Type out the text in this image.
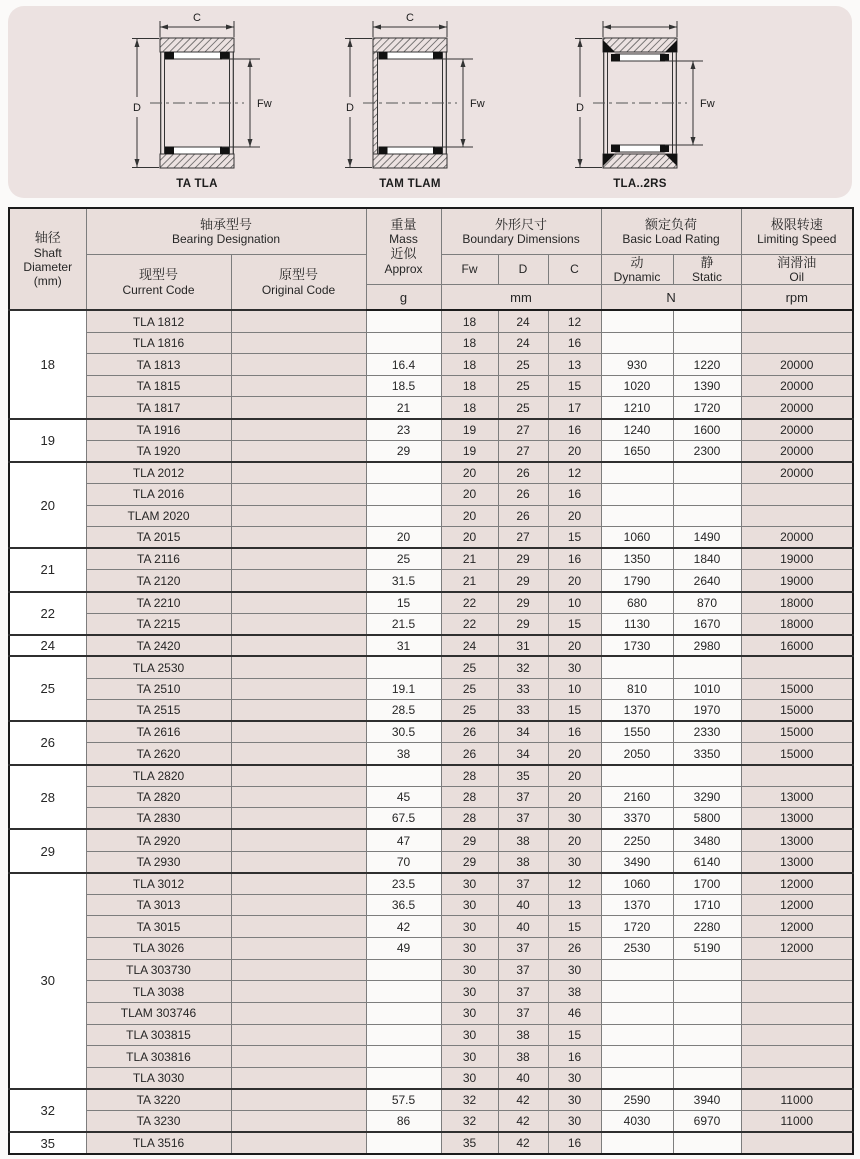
C
D	Fw
TA TLA
C
D	Fw
TAM TLAM
D	Fw
TLA..2RS
轴径
Shaft
Diameter
(mm)	轴承型号
Bearing Designation		重量
Mass
近似
Approx	外形尺寸
Boundary Dimensions			额定负荷
Basic Load Rating		极限转速
Limiting Speed

	现型号
Current Code	原型号
Original Code		Fw	D	C	动
Dynamic	静
Static	润滑油
Oil

			g	mm			N		rpm
18	TLA 1812			18	24	12			
	TLA 1816			18	24	16			
	TA 1813		16.4	18	25	13	930	1220	20000
	TA 1815		18.5	18	25	15	1020	1390	20000
	TA 1817		21	18	25	17	1210	1720	20000
19	TA 1916		23	19	27	16	1240	1600	20000
	TA 1920		29	19	27	20	1650	2300	20000
20	TLA 2012			20	26	12			20000
	TLA 2016			20	26	16			
	TLAM 2020			20	26	20			
	TA 2015		20	20	27	15	1060	1490	20000
21	TA 2116		25	21	29	16	1350	1840	19000
	TA 2120		31.5	21	29	20	1790	2640	19000
22	TA 2210		15	22	29	10	680	870	18000
	TA 2215		21.5	22	29	15	1130	1670	18000
24	TA 2420		31	24	31	20	1730	2980	16000
25	TLA 2530			25	32	30			
	TA 2510		19.1	25	33	10	810	1010	15000
	TA 2515		28.5	25	33	15	1370	1970	15000
26	TA 2616		30.5	26	34	16	1550	2330	15000
	TA 2620		38	26	34	20	2050	3350	15000
28	TLA 2820			28	35	20			
	TA 2820		45	28	37	20	2160	3290	13000
	TA 2830		67.5	28	37	30	3370	5800	13000
29	TA 2920		47	29	38	20	2250	3480	13000
	TA 2930		70	29	38	30	3490	6140	13000
30	TLA 3012		23.5	30	37	12	1060	1700	12000
	TA 3013		36.5	30	40	13	1370	1710	12000
	TA 3015		42	30	40	15	1720	2280	12000
	TLA 3026		49	30	37	26	2530	5190	12000
	TLA 303730			30	37	30			
	TLA 3038			30	37	38			
	TLAM 303746			30	37	46			
	TLA 303815			30	38	15			
	TLA 303816			30	38	16			
	TLA 3030			30	40	30			
32	TA 3220		57.5	32	42	30	2590	3940	11000
	TA 3230		86	32	42	30	4030	6970	11000
35	TLA 3516			35	42	16			
